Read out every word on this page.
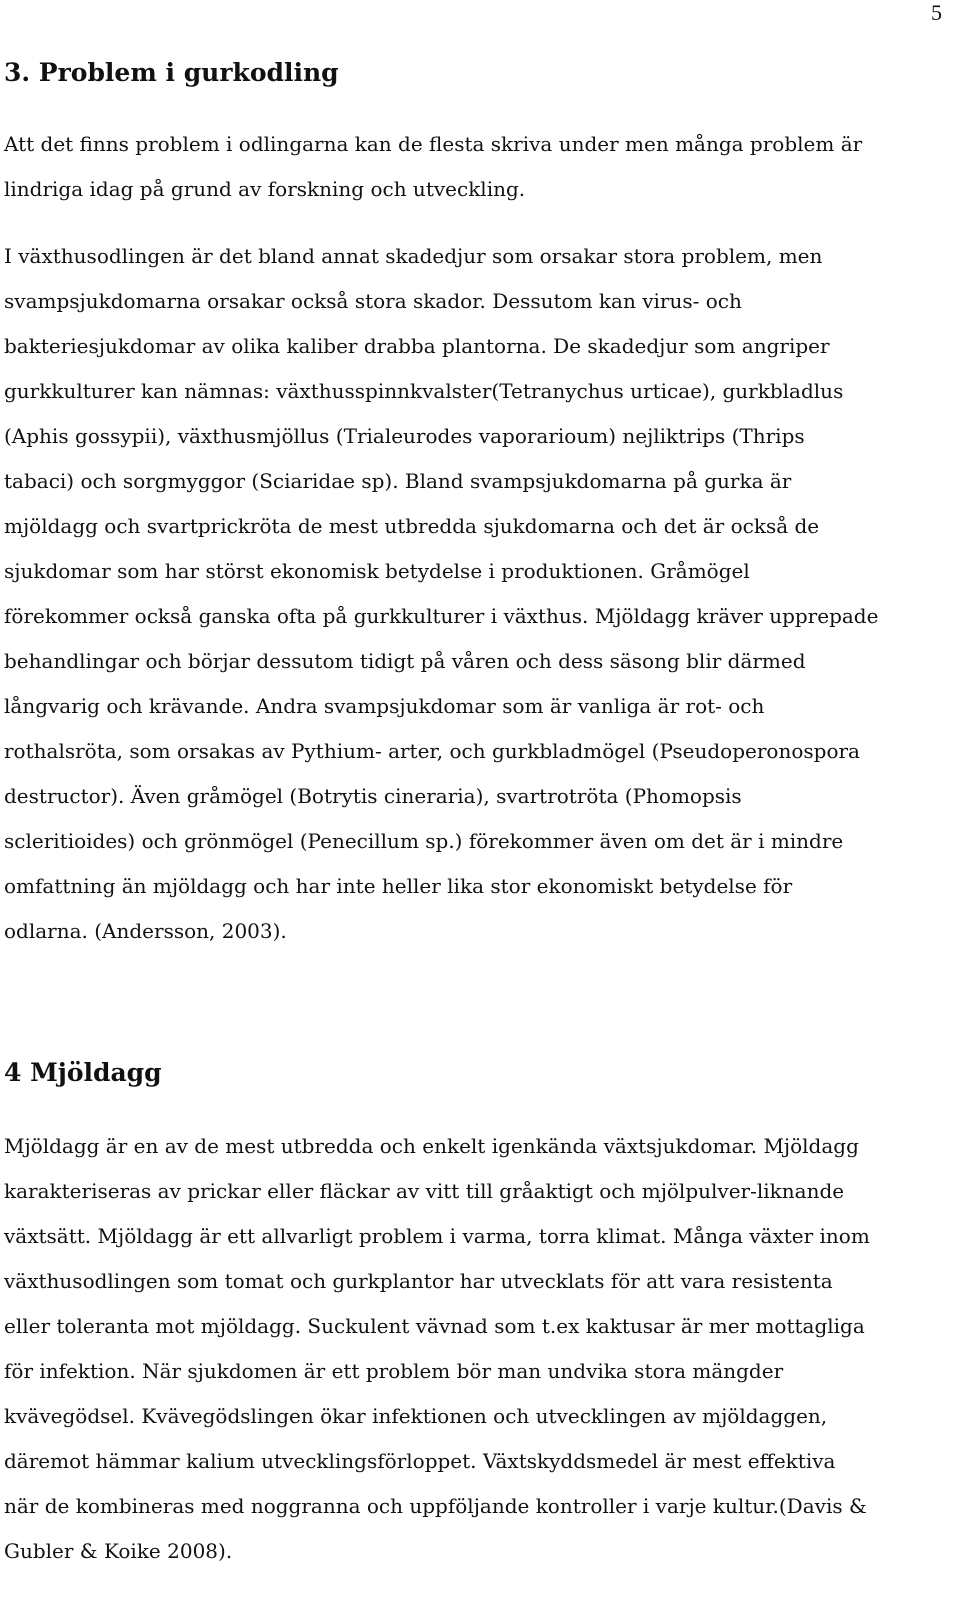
5
3. Problem i gurkodling

Att det finns problem i odlingarna kan de flesta skriva under men många problem är
lindriga idag på grund av forskning och utveckling.

I växthusodlingen är det bland annat skadedjur som orsakar stora problem, men
svampsjukdomarna orsakar också stora skador. Dessutom kan virus- och
bakteriesjukdomar av olika kaliber drabba plantorna. De skadedjur som angriper
gurkkulturer kan nämnas: växthusspinnkvalster(Tetranychus urticae), gurkbladlus
(Aphis gossypii), växthusmjöllus (Trialeurodes vaporarioum) nejliktrips (Thrips
tabaci) och sorgmyggor (Sciaridae sp). Bland svampsjukdomarna på gurka är
mjöldagg och svartprickröta de mest utbredda sjukdomarna och det är också de
sjukdomar som har störst ekonomisk betydelse i produktionen. Gråmögel
förekommer också ganska ofta på gurkkulturer i växthus. Mjöldagg kräver upprepade
behandlingar och börjar dessutom tidigt på våren och dess säsong blir därmed
långvarig och krävande. Andra svampsjukdomar som är vanliga är rot- och
rothalsröta, som orsakas av Pythium- arter, och gurkbladmögel (Pseudoperonospora
destructor). Även gråmögel (Botrytis cineraria), svartrotröta (Phomopsis
scleritioides) och grönmögel (Penecillum sp.) förekommer även om det är i mindre
omfattning än mjöldagg och har inte heller lika stor ekonomiskt betydelse för
odlarna. (Andersson, 2003).

4 Mjöldagg

Mjöldagg är en av de mest utbredda och enkelt igenkända växtsjukdomar. Mjöldagg
karakteriseras av prickar eller fläckar av vitt till gråaktigt och mjölpulver-liknande
växtsätt. Mjöldagg är ett allvarligt problem i varma, torra klimat. Många växter inom
växthusodlingen som tomat och gurkplantor har utvecklats för att vara resistenta
eller toleranta mot mjöldagg. Suckulent vävnad som t.ex kaktusar är mer mottagliga
för infektion. När sjukdomen är ett problem bör man undvika stora mängder
kvävegödsel. Kvävegödslingen ökar infektionen och utvecklingen av mjöldaggen,
däremot hämmar kalium utvecklingsförloppet. Växtskyddsmedel är mest effektiva
när de kombineras med noggranna och uppföljande kontroller i varje kultur.(Davis &
Gubler & Koike 2008).
